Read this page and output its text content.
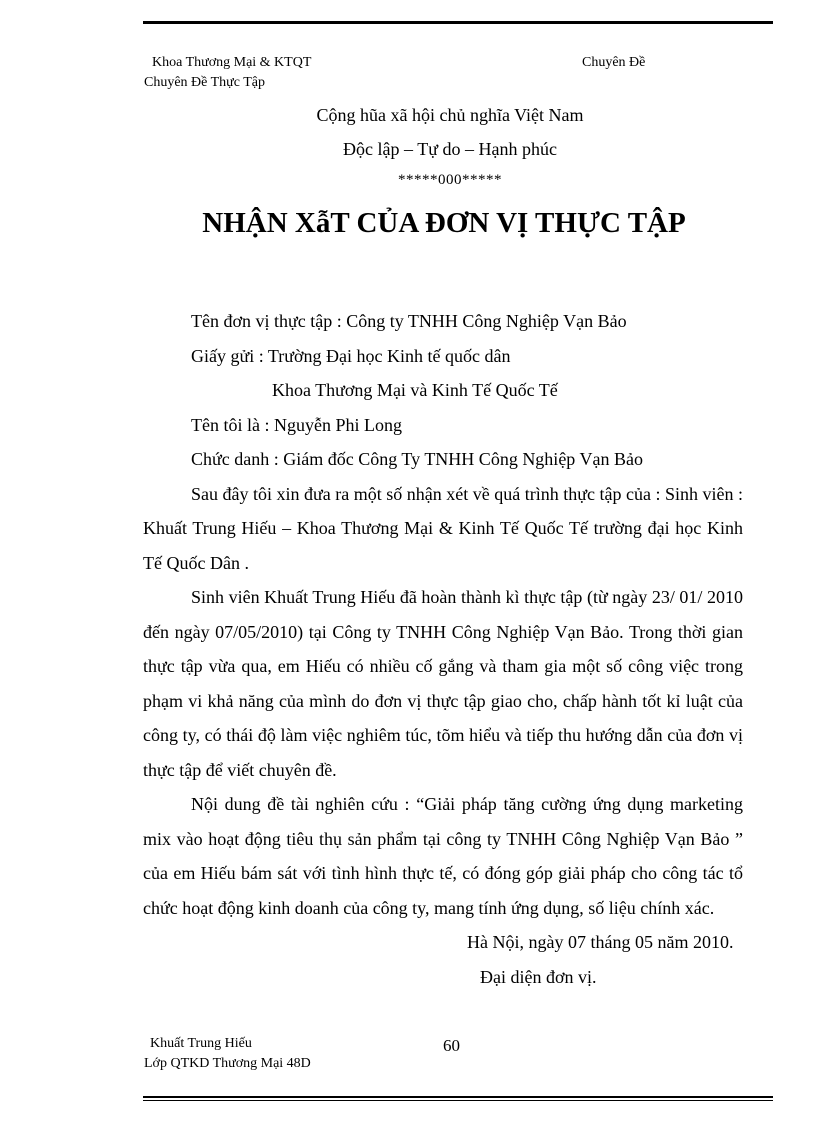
Khoa Thương Mại & KTQT
Chuyên Đề Thực Tập
Chuyên Đề
Cộng hũa xã hội chủ nghĩa Việt Nam
Độc lập – Tự do – Hạnh phúc
*****000*****
NHẬN XẫT CỦA ĐƠN VỊ THỰC TẬP

Tên đơn vị thực tập : Công ty TNHH Công Nghiệp Vạn Bảo

Giấy gửi : Trường Đại học Kinh tế quốc dân

Khoa Thương Mại và Kinh Tế Quốc Tế

Tên tôi là : Nguyễn Phi Long

Chức danh : Giám đốc Công Ty TNHH Công Nghiệp Vạn Bảo

Sau đây tôi xin đưa ra một số nhận xét về quá trình thực tập của : Sinh viên : Khuất Trung Hiếu – Khoa Thương Mại & Kinh Tế Quốc Tế trường đại học Kinh Tế Quốc Dân .

Sinh viên Khuất Trung Hiếu đã hoàn thành kì thực tập (từ ngày 23/ 01/ 2010 đến ngày 07/05/2010) tại Công ty TNHH Công Nghiệp Vạn Bảo. Trong thời gian thực tập vừa qua, em Hiếu có nhiều cố gắng và tham gia một số công việc trong phạm vi khả năng của mình do đơn vị thực tập giao cho, chấp hành tốt kỉ luật của công ty, có thái độ làm việc nghiêm túc, tõm hiểu và tiếp thu hướng dẫn của đơn vị thực tập để viết chuyên đề.

Nội dung đề tài nghiên cứu : “Giải pháp tăng cường ứng dụng marketing mix vào hoạt động tiêu thụ sản phẩm tại công ty TNHH Công Nghiệp Vạn Bảo ” của em Hiếu bám sát với tình hình thực tế, có đóng góp giải pháp cho công tác tổ chức hoạt động kinh doanh của công ty, mang tính ứng dụng, số liệu chính xác.

Hà Nội, ngày 07 tháng 05 năm 2010.

Đại diện đơn vị.

Khuất Trung Hiếu
Lớp QTKD Thương Mại 48D
60
